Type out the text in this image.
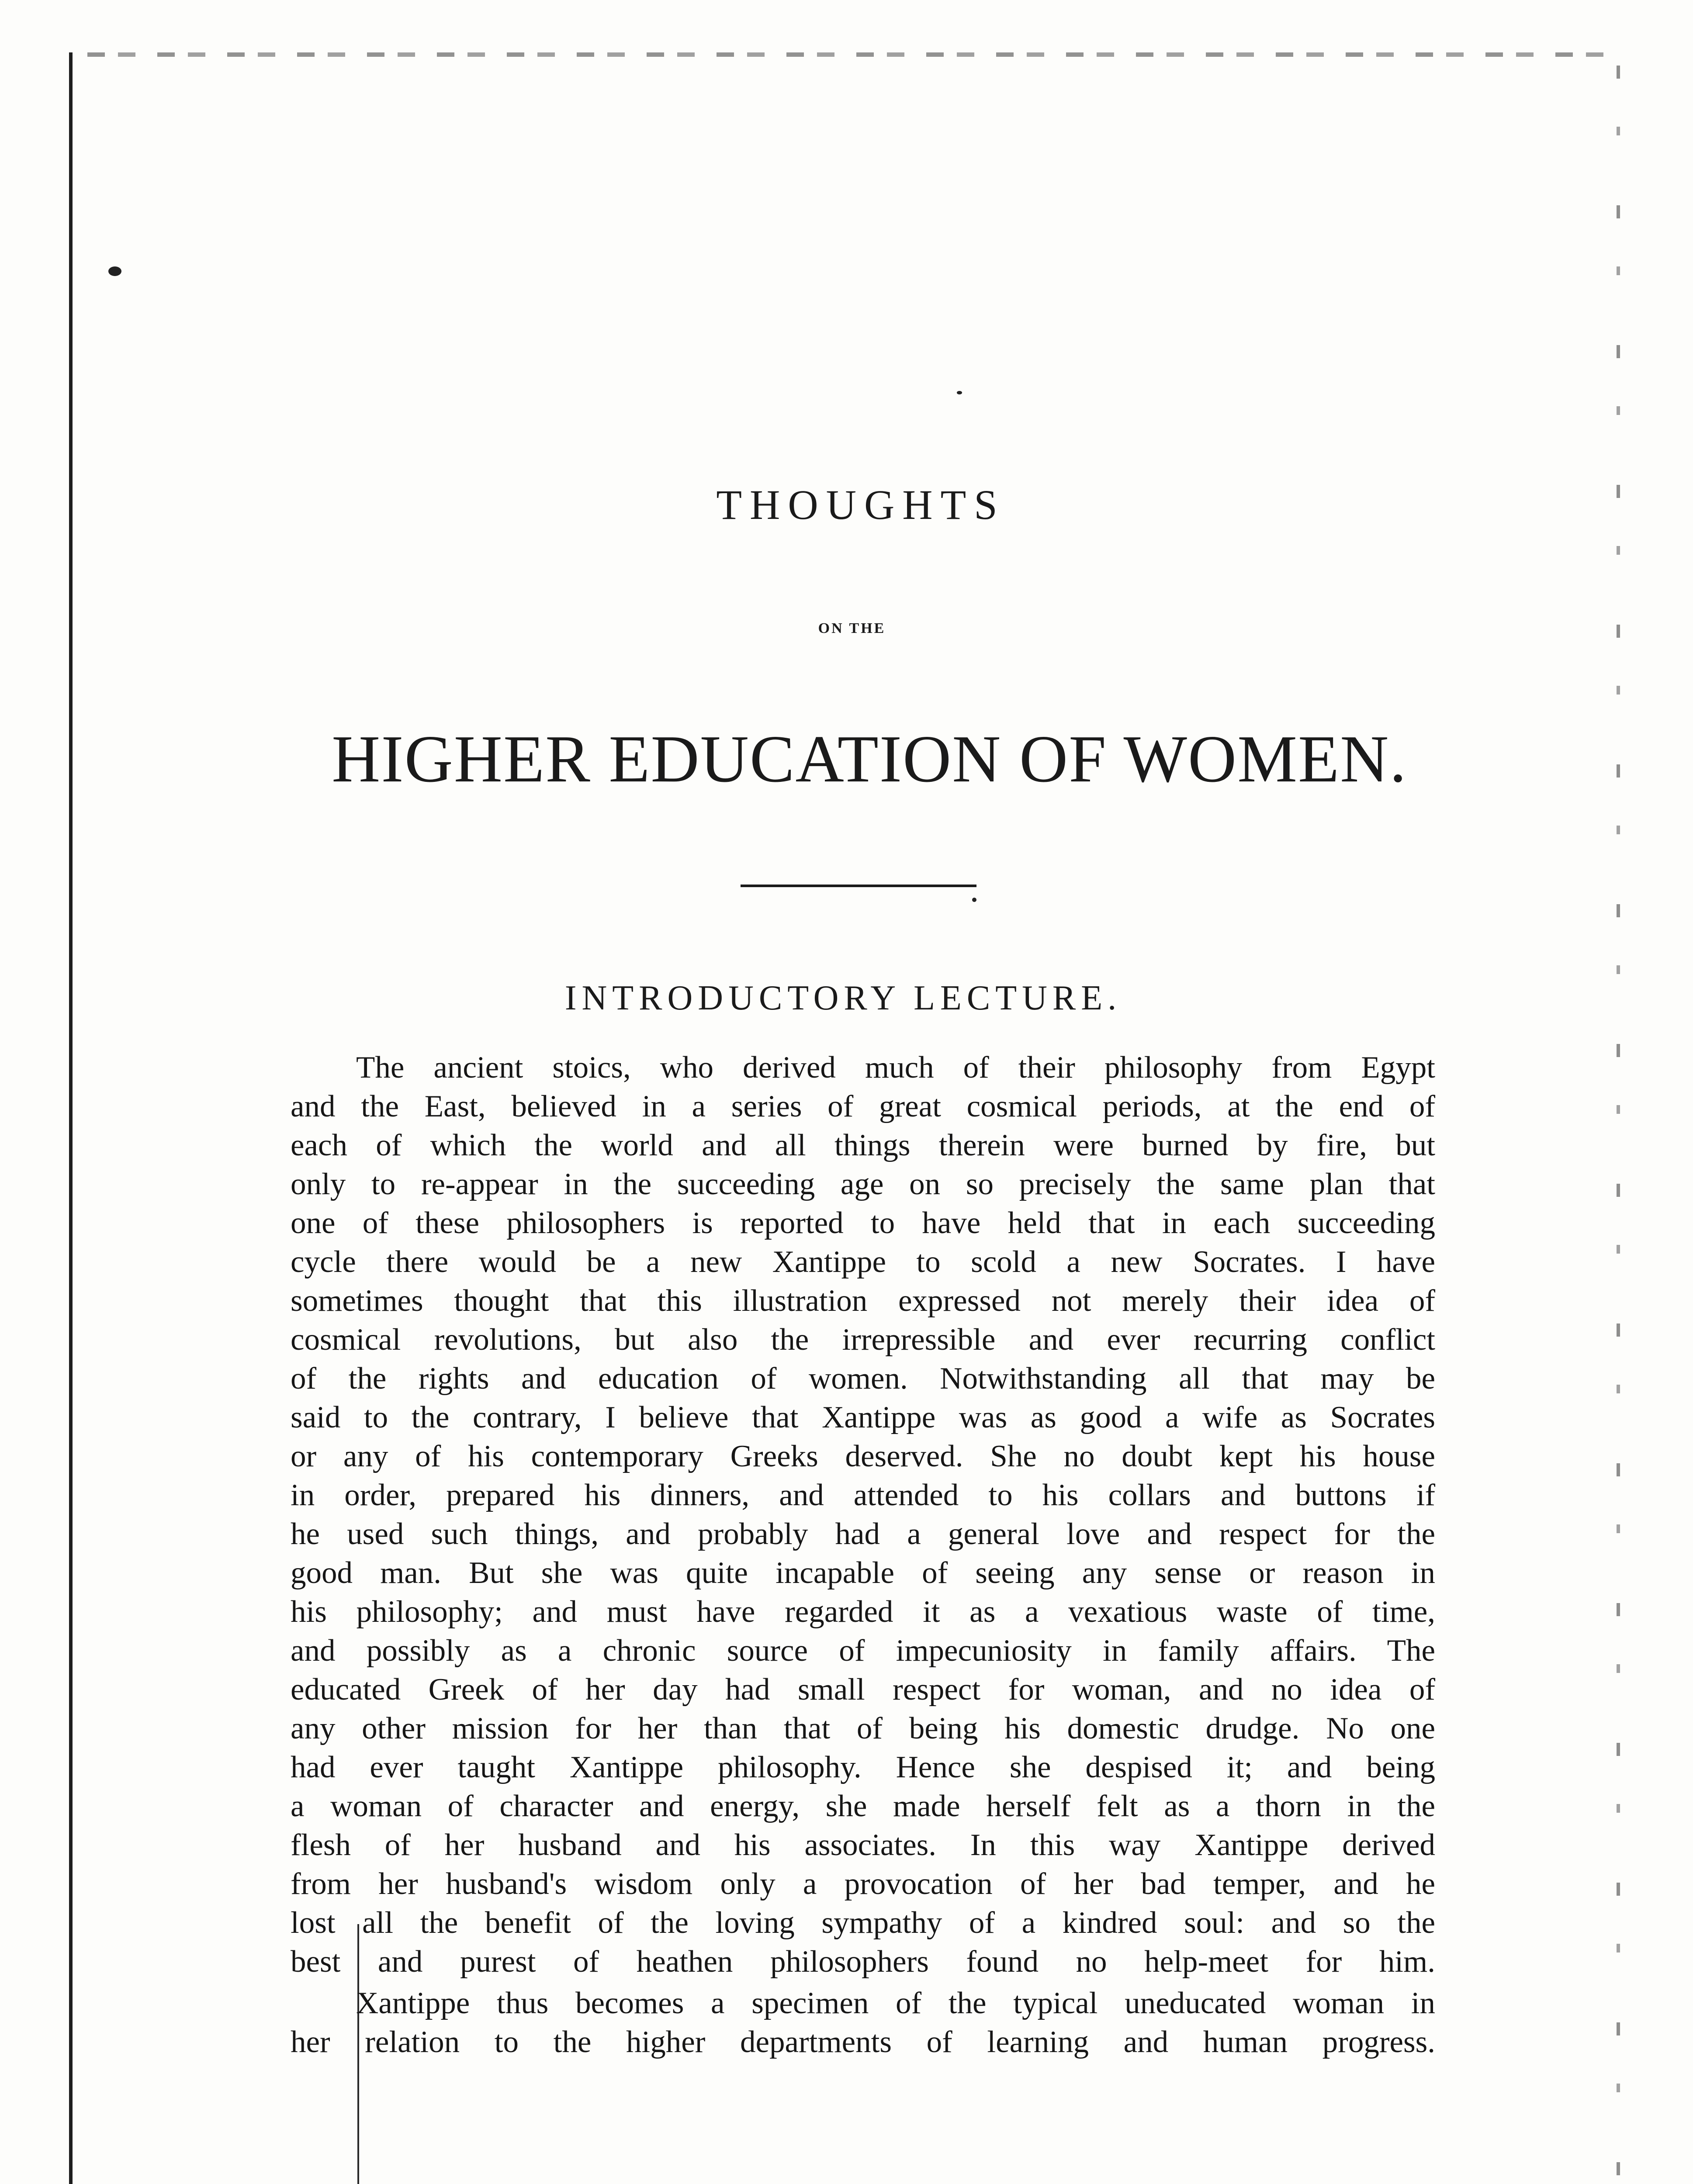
THOUGHTS
ON THE
HIGHER EDUCATION OF WOMEN.
INTRODUCTORY LECTURE.
The ancient stoics, who derived much of their philosophy from Egypt
and the East, believed in a series of great cosmical periods, at the end of
each of which the world and all things therein were burned by fire, but
only to re-appear in the succeeding age on so precisely the same plan that
one of these philosophers is reported to have held that in each succeeding
cycle there would be a new Xantippe to scold a new Socrates. I have
sometimes thought that this illustration expressed not merely their idea of
cosmical revolutions, but also the irrepressible and ever recurring conflict
of the rights and education of women. Notwithstanding all that may be
said to the contrary, I believe that Xantippe was as good a wife as Socrates
or any of his contemporary Greeks deserved. She no doubt kept his house
in order, prepared his dinners, and attended to his collars and buttons if
he used such things, and probably had a general love and respect for the
good man. But she was quite incapable of seeing any sense or reason in
his philosophy; and must have regarded it as a vexatious waste of time,
and possibly as a chronic source of impecuniosity in family affairs. The
educated Greek of her day had small respect for woman, and no idea of
any other mission for her than that of being his domestic drudge. No one
had ever taught Xantippe philosophy. Hence she despised it; and being
a woman of character and energy, she made herself felt as a thorn in the
flesh of her husband and his associates. In this way Xantippe derived
from her husband's wisdom only a provocation of her bad temper, and he
lost all the benefit of the loving sympathy of a kindred soul: and so the
best and purest of heathen philosophers found no help-meet for him.
Xantippe thus becomes a specimen of the typical uneducated woman in
her relation to the higher departments of learning and human progress.
